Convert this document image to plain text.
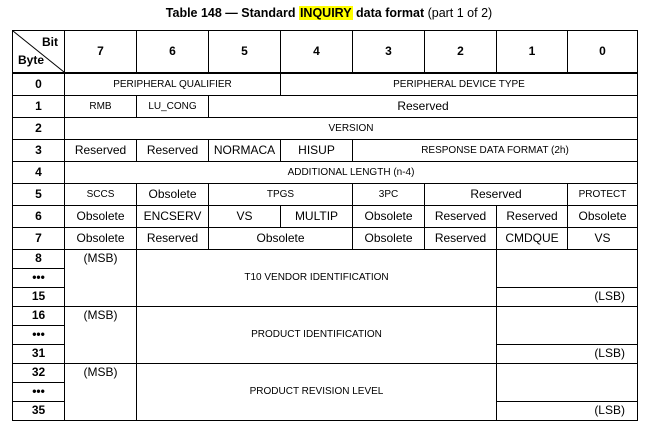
Table 148 — Standard INQUIRY data format (part 1 of 2)
Bit
Byte	7	6	5	4	3	2	1	0
0	PERIPHERAL QUALIFIER			PERIPHERAL DEVICE TYPE				
1	RMB	LU_CONG	Reserved					
2	VERSION							
3	Reserved	Reserved	NORMACA	HISUP	RESPONSE DATA FORMAT (2h)			
4	ADDITIONAL LENGTH (n-4)							
5	SCCS	Obsolete	TPGS		3PC	Reserved		PROTECT
6	Obsolete	ENCSERV	VS	MULTIP	Obsolete	Reserved	Reserved	Obsolete
7	Obsolete	Reserved	Obsolete		Obsolete	Reserved	CMDQUE	VS
8	(MSB)	T10 VENDOR IDENTIFICATION						
•••								
15							(LSB)	
16	(MSB)	PRODUCT IDENTIFICATION						
•••								
31							(LSB)	
32	(MSB)	PRODUCT REVISION LEVEL						
•••								
35							(LSB)	
